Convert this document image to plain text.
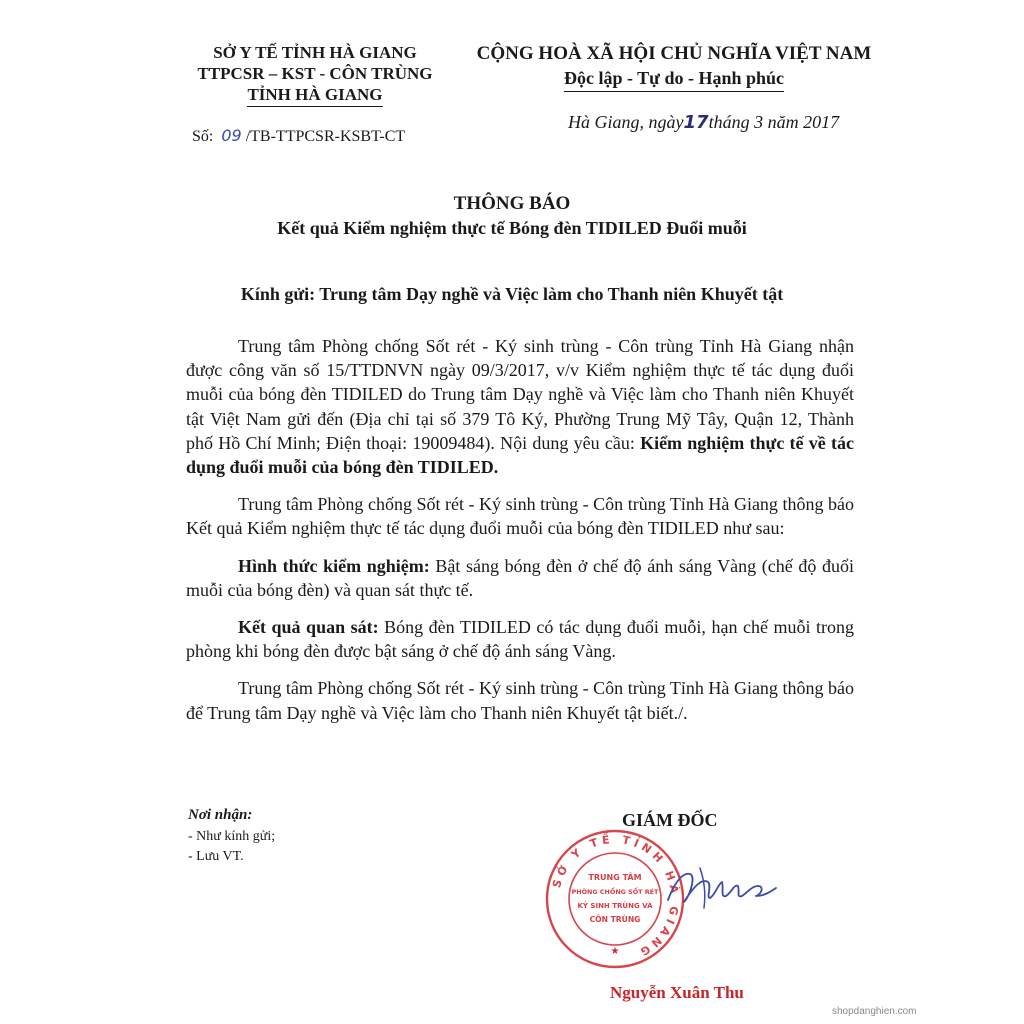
SỞ Y TẾ TỈNH HÀ GIANG
TTPCSR – KST - CÔN TRÙNG
TỈNH HÀ GIANG
CỘNG HOÀ XÃ HỘI CHỦ NGHĨA VIỆT NAM
Độc lập - Tự do - Hạnh phúc
Số: 09 /TB-TTPCSR-KSBT-CT
Hà Giang, ngày17tháng 3 năm 2017
THÔNG BÁO
Kết quả Kiểm nghiệm thực tế Bóng đèn TIDILED Đuổi muỗi
Kính gửi: Trung tâm Dạy nghề và Việc làm cho Thanh niên Khuyết tật

Trung tâm Phòng chống Sốt rét - Ký sinh trùng - Côn trùng Tỉnh Hà Giang nhận được công văn số 15/TTDNVN ngày 09/3/2017, v/v Kiểm nghiệm thực tế tác dụng đuổi muỗi của bóng đèn TIDILED do Trung tâm Dạy nghề và Việc làm cho Thanh niên Khuyết tật Việt Nam gửi đến (Địa chỉ tại số 379 Tô Ký, Phường Trung Mỹ Tây, Quận 12, Thành phố Hồ Chí Minh; Điện thoại: 19009484). Nội dung yêu cầu: Kiểm nghiệm thực tế về tác dụng đuổi muỗi của bóng đèn TIDILED.

Trung tâm Phòng chống Sốt rét - Ký sinh trùng - Côn trùng Tỉnh Hà Giang thông báo Kết quả Kiểm nghiệm thực tế tác dụng đuổi muỗi của bóng đèn TIDILED như sau:

Hình thức kiểm nghiệm: Bật sáng bóng đèn ở chế độ ánh sáng Vàng (chế độ đuổi muỗi của bóng đèn) và quan sát thực tế.

Kết quả quan sát: Bóng đèn TIDILED có tác dụng đuổi muỗi, hạn chế muỗi trong phòng khi bóng đèn được bật sáng ở chế độ ánh sáng Vàng.

Trung tâm Phòng chống Sốt rét - Ký sinh trùng - Côn trùng Tỉnh Hà Giang thông báo để Trung tâm Dạy nghề và Việc làm cho Thanh niên Khuyết tật biết./.

Nơi nhận:
- Như kính gửi;
- Lưu VT.
GIÁM ĐỐC
SỞ Y TẾ TỈNH HÀ GIANG
TRUNG TÂM
PHÒNG CHỐNG SỐT RÉT
KÝ SINH TRÙNG VÀ
CÔN TRÙNG
★
Nguyễn Xuân Thu
shopdanghien.com
